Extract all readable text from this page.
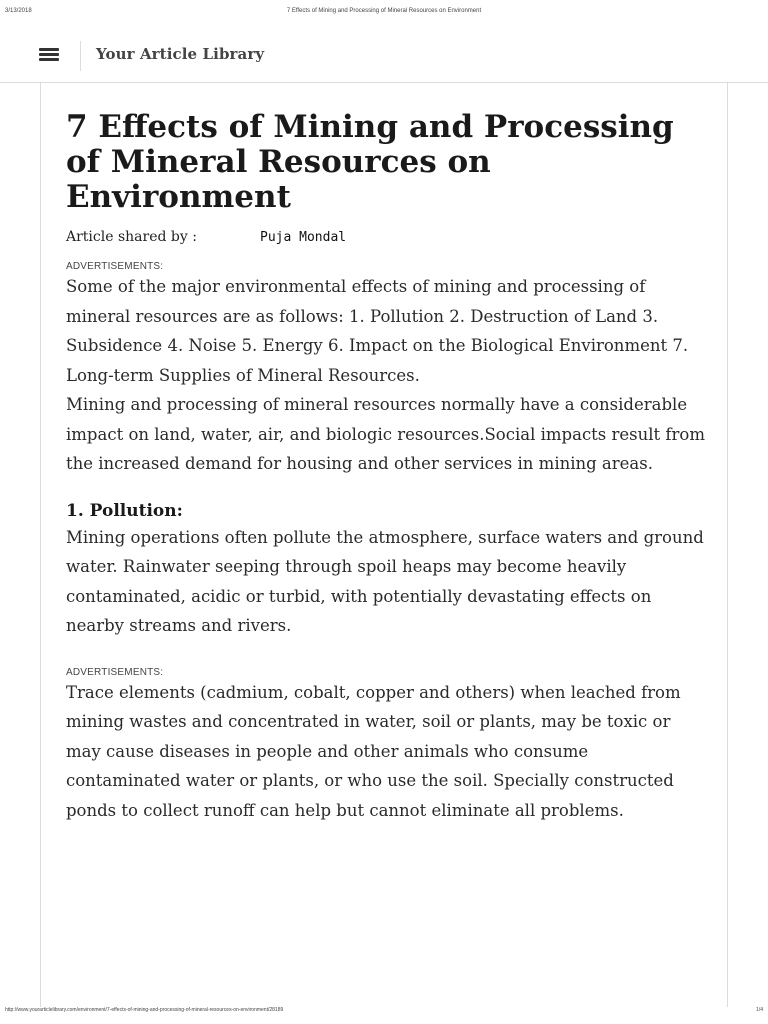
3/13/2018	7 Effects of Mining and Processing of Mineral Resources on Environment
Your Article Library
7 Effects of Mining and Processing of Mineral Resources on Environment
Article shared by :	Puja Mondal
ADVERTISEMENTS:

Some of the major environmental effects of mining and processing of mineral resources are as follows: 1. Pollution 2. Destruction of Land 3. Subsidence 4. Noise 5. Energy 6. Impact on the Biological Environment 7. Long-term Supplies of Mineral Resources.

Mining and processing of mineral resources normally have a considerable impact on land, water, air, and biologic resources.Social impacts result from the increased demand for housing and other services in mining areas.

1. Pollution:

Mining operations often pollute the atmosphere, surface waters and ground water. Rainwater seeping through spoil heaps may become heavily contaminated, acidic or turbid, with potentially devastating effects on nearby streams and rivers.

ADVERTISEMENTS:

Trace elements (cadmium, cobalt, copper and others) when leached from mining wastes and concentrated in water, soil or plants, may be toxic or may cause diseases in people and other animals who consume contaminated water or plants, or who use the soil. Specially constructed ponds to collect runoff can help but cannot eliminate all problems.

http://www.yourarticlelibrary.com/environment/7-effects-of-mining-and-processing-of-mineral-resources-on-environment/28189	1/4
